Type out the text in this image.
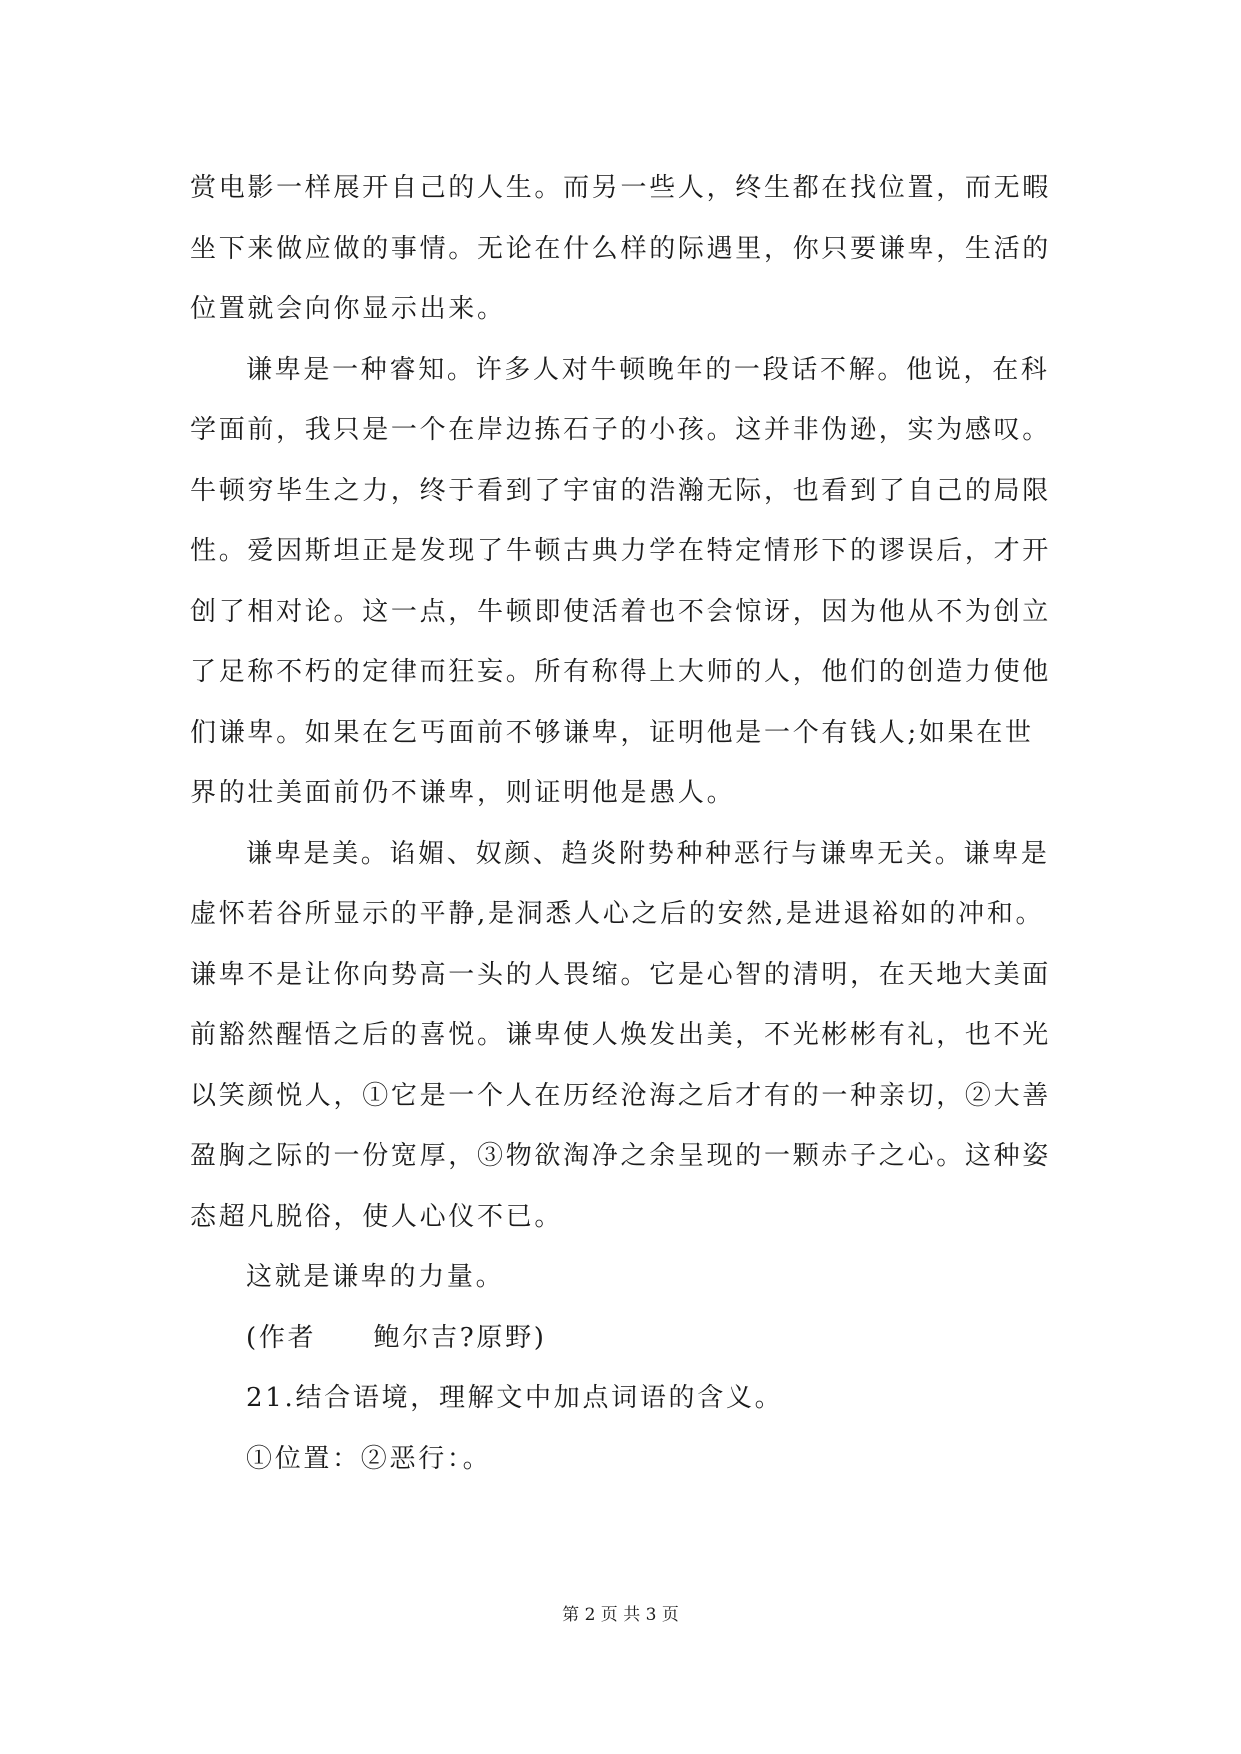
赏电影一样展开自己的人生。而另一些人，终生都在找位置，而无暇
坐下来做应做的事情。无论在什么样的际遇里，你只要谦卑，生活的
位置就会向你显示出来。
谦卑是一种睿知。许多人对牛顿晚年的一段话不解。他说，在科
学面前，我只是一个在岸边拣石子的小孩。这并非伪逊，实为感叹。
牛顿穷毕生之力，终于看到了宇宙的浩瀚无际，也看到了自己的局限
性。爱因斯坦正是发现了牛顿古典力学在特定情形下的谬误后，才开
创了相对论。这一点，牛顿即使活着也不会惊讶，因为他从不为创立
了足称不朽的定律而狂妄。所有称得上大师的人，他们的创造力使他
们谦卑。如果在乞丐面前不够谦卑，证明他是一个有钱人;如果在世
界的壮美面前仍不谦卑，则证明他是愚人。
谦卑是美。谄媚、奴颜、趋炎附势种种恶行与谦卑无关。谦卑是
虚怀若谷所显示的平静,是洞悉人心之后的安然,是进退裕如的冲和。
谦卑不是让你向势高一头的人畏缩。它是心智的清明，在天地大美面
前豁然醒悟之后的喜悦。谦卑使人焕发出美，不光彬彬有礼，也不光
以笑颜悦人，①它是一个人在历经沧海之后才有的一种亲切，②大善
盈胸之际的一份宽厚，③物欲淘净之余呈现的一颗赤子之心。这种姿
态超凡脱俗，使人心仪不已。
这就是谦卑的力量。
(作者　　鲍尔吉?原野)
21.结合语境，理解文中加点词语的含义。
①位置：②恶行：。
第 2 页 共 3 页
